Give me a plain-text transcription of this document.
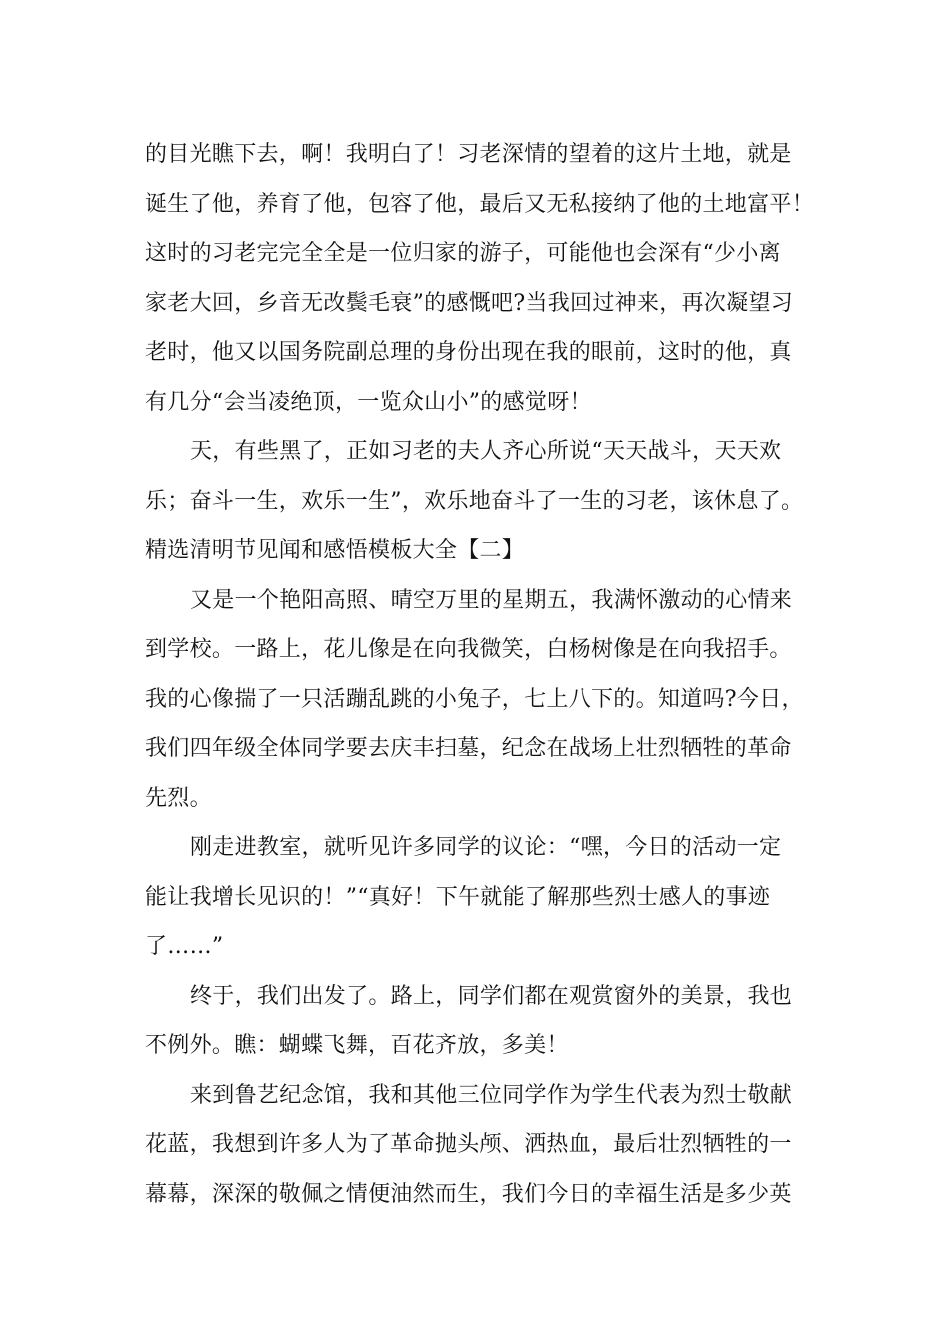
的目光瞧下去，啊！我明白了！习老深情的望着的这片土地，就是
诞生了他，养育了他，包容了他，最后又无私接纳了他的土地富平！
这时的习老完完全全是一位归家的游子，可能他也会深有“少小离
家老大回，乡音无改鬓毛衰”的感慨吧?当我回过神来，再次凝望习
老时，他又以国务院副总理的身份出现在我的眼前，这时的他，真
有几分“会当凌绝顶，一览众山小”的感觉呀！
天，有些黑了，正如习老的夫人齐心所说“天天战斗，天天欢
乐；奋斗一生，欢乐一生”，欢乐地奋斗了一生的习老，该休息了。
精选清明节见闻和感悟模板大全【二】
又是一个艳阳高照、晴空万里的星期五，我满怀激动的心情来
到学校。一路上，花儿像是在向我微笑，白杨树像是在向我招手。
我的心像揣了一只活蹦乱跳的小兔子，七上八下的。知道吗?今日，
我们四年级全体同学要去庆丰扫墓，纪念在战场上壮烈牺牲的革命
先烈。
刚走进教室，就听见许多同学的议论：“嘿，今日的活动一定
能让我增长见识的！”“真好！下午就能了解那些烈士感人的事迹
了……”
终于，我们出发了。路上，同学们都在观赏窗外的美景，我也
不例外。瞧：蝴蝶飞舞，百花齐放，多美！
来到鲁艺纪念馆，我和其他三位同学作为学生代表为烈士敬献
花蓝，我想到许多人为了革命抛头颅、洒热血，最后壮烈牺牲的一
幕幕，深深的敬佩之情便油然而生，我们今日的幸福生活是多少英
